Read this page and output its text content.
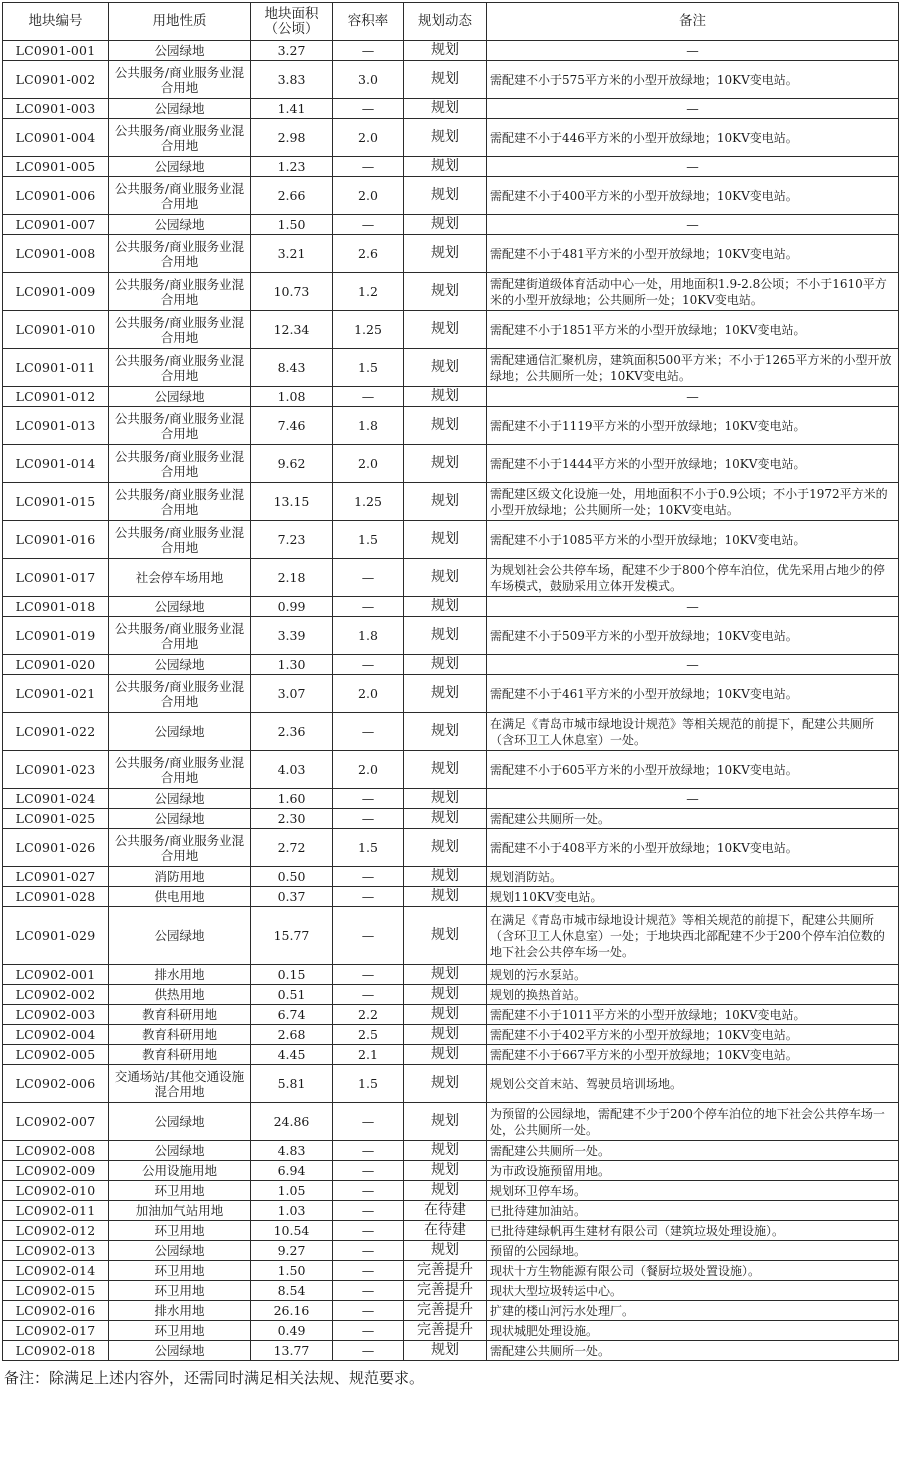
地块编号	用地性质	地块面积（公顷）	容积率	规划动态	备注
LC0901-001	公园绿地	3.27	—	规划	—
LC0901-002	公共服务/商业服务业混合用地	3.83	3.0	规划	需配建不小于575平方米的小型开放绿地；10KV变电站。
LC0901-003	公园绿地	1.41	—	规划	—
LC0901-004	公共服务/商业服务业混合用地	2.98	2.0	规划	需配建不小于446平方米的小型开放绿地；10KV变电站。
LC0901-005	公园绿地	1.23	—	规划	—
LC0901-006	公共服务/商业服务业混合用地	2.66	2.0	规划	需配建不小于400平方米的小型开放绿地；10KV变电站。
LC0901-007	公园绿地	1.50	—	规划	—
LC0901-008	公共服务/商业服务业混合用地	3.21	2.6	规划	需配建不小于481平方米的小型开放绿地；10KV变电站。
LC0901-009	公共服务/商业服务业混合用地	10.73	1.2	规划	需配建街道级体育活动中心一处，用地面积1.9-2.8公顷；不小于1610平方米的小型开放绿地；公共厕所一处；10KV变电站。
LC0901-010	公共服务/商业服务业混合用地	12.34	1.25	规划	需配建不小于1851平方米的小型开放绿地；10KV变电站。
LC0901-011	公共服务/商业服务业混合用地	8.43	1.5	规划	需配建通信汇聚机房，建筑面积500平方米；不小于1265平方米的小型开放绿地；公共厕所一处；10KV变电站。
LC0901-012	公园绿地	1.08	—	规划	—
LC0901-013	公共服务/商业服务业混合用地	7.46	1.8	规划	需配建不小于1119平方米的小型开放绿地；10KV变电站。
LC0901-014	公共服务/商业服务业混合用地	9.62	2.0	规划	需配建不小于1444平方米的小型开放绿地；10KV变电站。
LC0901-015	公共服务/商业服务业混合用地	13.15	1.25	规划	需配建区级文化设施一处，用地面积不小于0.9公顷；不小于1972平方米的小型开放绿地；公共厕所一处；10KV变电站。
LC0901-016	公共服务/商业服务业混合用地	7.23	1.5	规划	需配建不小于1085平方米的小型开放绿地；10KV变电站。
LC0901-017	社会停车场用地	2.18	—	规划	为规划社会公共停车场，配建不少于800个停车泊位，优先采用占地少的停车场模式，鼓励采用立体开发模式。
LC0901-018	公园绿地	0.99	—	规划	—
LC0901-019	公共服务/商业服务业混合用地	3.39	1.8	规划	需配建不小于509平方米的小型开放绿地；10KV变电站。
LC0901-020	公园绿地	1.30	—	规划	—
LC0901-021	公共服务/商业服务业混合用地	3.07	2.0	规划	需配建不小于461平方米的小型开放绿地；10KV变电站。
LC0901-022	公园绿地	2.36	—	规划	在满足《青岛市城市绿地设计规范》等相关规范的前提下，配建公共厕所（含环卫工人休息室）一处。
LC0901-023	公共服务/商业服务业混合用地	4.03	2.0	规划	需配建不小于605平方米的小型开放绿地；10KV变电站。
LC0901-024	公园绿地	1.60	—	规划	—
LC0901-025	公园绿地	2.30	—	规划	需配建公共厕所一处。
LC0901-026	公共服务/商业服务业混合用地	2.72	1.5	规划	需配建不小于408平方米的小型开放绿地；10KV变电站。
LC0901-027	消防用地	0.50	—	规划	规划消防站。
LC0901-028	供电用地	0.37	—	规划	规划110KV变电站。
LC0901-029	公园绿地	15.77	—	规划	在满足《青岛市城市绿地设计规范》等相关规范的前提下，配建公共厕所（含环卫工人休息室）一处；于地块西北部配建不少于200个停车泊位数的地下社会公共停车场一处。
LC0902-001	排水用地	0.15	—	规划	规划的污水泵站。
LC0902-002	供热用地	0.51	—	规划	规划的换热首站。
LC0902-003	教育科研用地	6.74	2.2	规划	需配建不小于1011平方米的小型开放绿地；10KV变电站。
LC0902-004	教育科研用地	2.68	2.5	规划	需配建不小于402平方米的小型开放绿地；10KV变电站。
LC0902-005	教育科研用地	4.45	2.1	规划	需配建不小于667平方米的小型开放绿地；10KV变电站。
LC0902-006	交通场站/其他交通设施混合用地	5.81	1.5	规划	规划公交首末站、驾驶员培训场地。
LC0902-007	公园绿地	24.86	—	规划	为预留的公园绿地，需配建不少于200个停车泊位的地下社会公共停车场一处，公共厕所一处。
LC0902-008	公园绿地	4.83	—	规划	需配建公共厕所一处。
LC0902-009	公用设施用地	6.94	—	规划	为市政设施预留用地。
LC0902-010	环卫用地	1.05	—	规划	规划环卫停车场。
LC0902-011	加油加气站用地	1.03	—	在待建	已批待建加油站。
LC0902-012	环卫用地	10.54	—	在待建	已批待建绿帆再生建材有限公司（建筑垃圾处理设施）。
LC0902-013	公园绿地	9.27	—	规划	预留的公园绿地。
LC0902-014	环卫用地	1.50	—	完善提升	现状十方生物能源有限公司（餐厨垃圾处置设施）。
LC0902-015	环卫用地	8.54	—	完善提升	现状大型垃圾转运中心。
LC0902-016	排水用地	26.16	—	完善提升	扩建的楼山河污水处理厂。
LC0902-017	环卫用地	0.49	—	完善提升	现状城肥处理设施。
LC0902-018	公园绿地	13.77	—	规划	需配建公共厕所一处。
备注：除满足上述内容外，还需同时满足相关法规、规范要求。
